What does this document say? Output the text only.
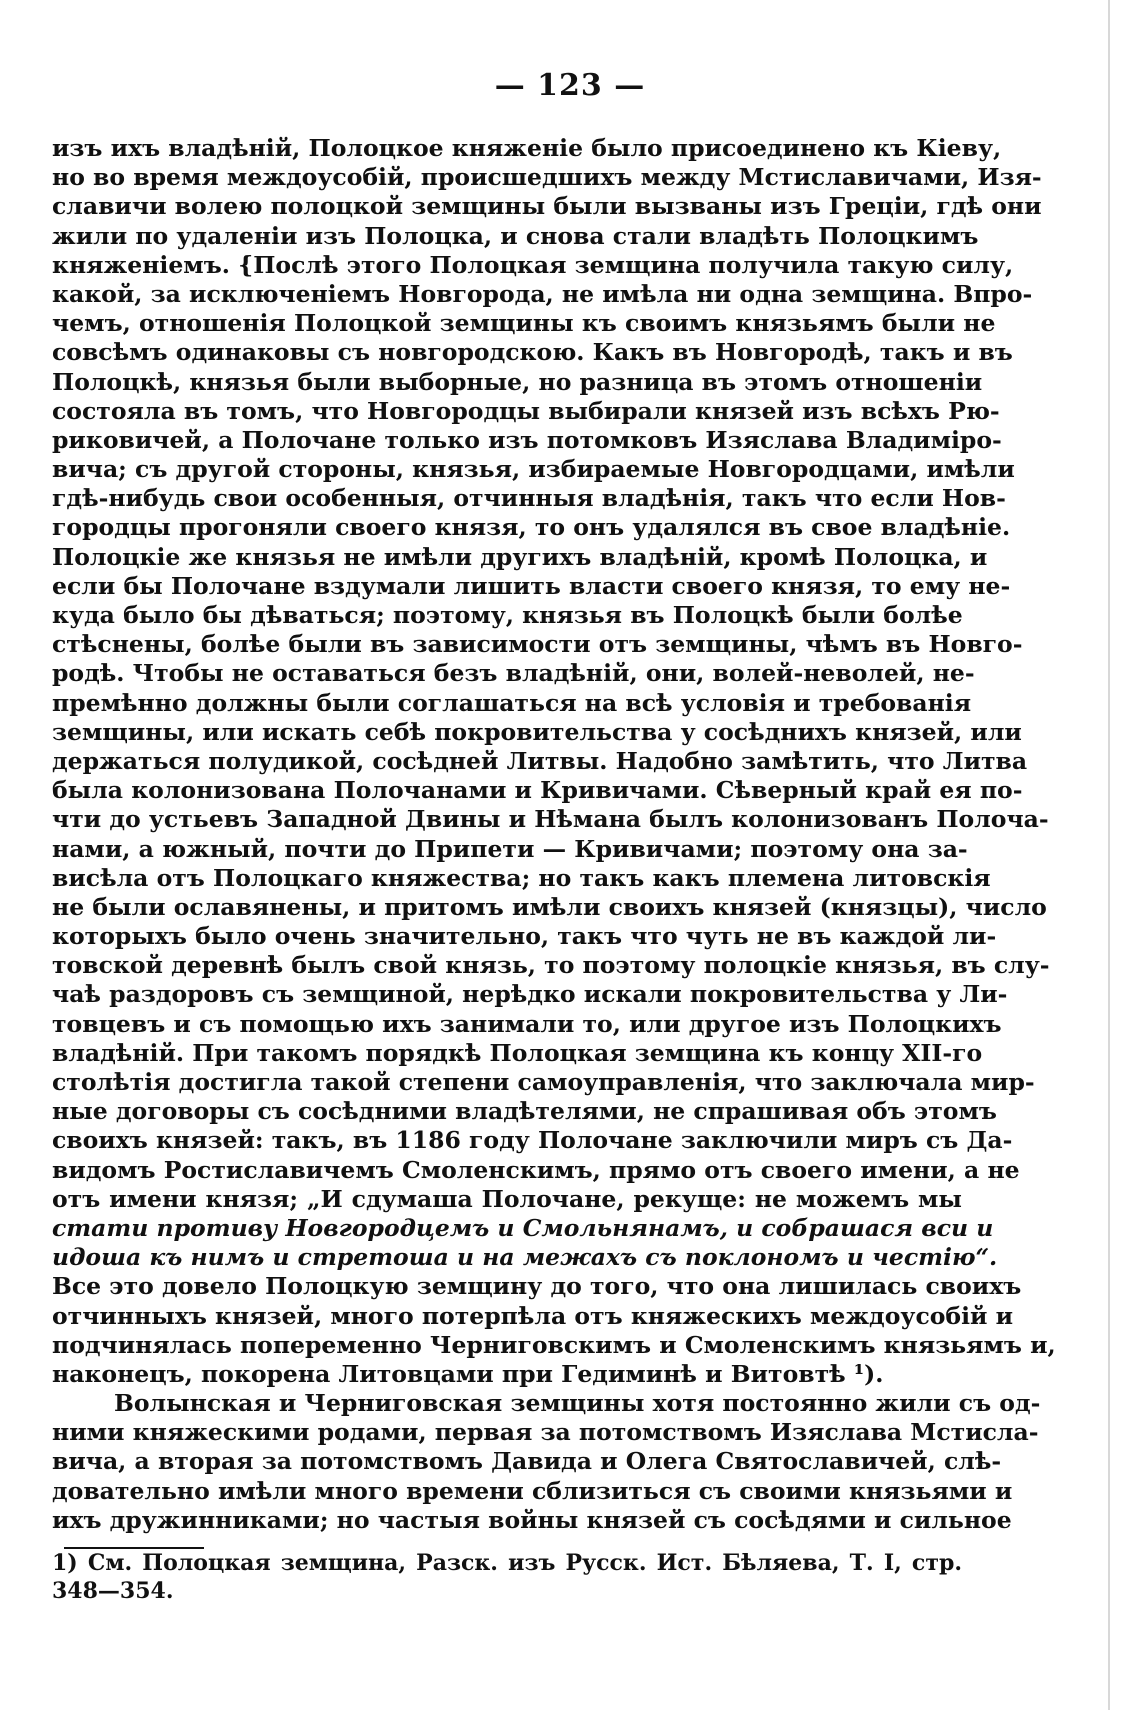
— 123 —
изъ ихъ владѣній, Полоцкое княженіе было присоединено къ Кіеву,
но во время междоусобій, происшедшихъ между Мстиславичами, Изя-
славичи волею полоцкой земщины были вызваны изъ Греціи, гдѣ они
жили по удаленіи изъ Полоцка, и снова стали владѣть Полоцкимъ
княженіемъ. {Послѣ этого Полоцкая земщина получила такую силу,
какой, за исключеніемъ Новгорода, не имѣла ни одна земщина. Впро-
чемъ, отношенія Полоцкой земщины къ своимъ князьямъ были не
совсѣмъ одинаковы съ новгородскою. Какъ въ Новгородѣ, такъ и въ
Полоцкѣ, князья были выборные, но разница въ этомъ отношеніи
состояла въ томъ, что Новгородцы выбирали князей изъ всѣхъ Рю-
риковичей, а Полочане только изъ потомковъ Изяслава Владиміро-
вича; съ другой стороны, князья, избираемые Новгородцами, имѣли
гдѣ-нибудь свои особенныя, отчинныя владѣнія, такъ что если Нов-
городцы прогоняли своего князя, то онъ удалялся въ свое владѣніе.
Полоцкіе же князья не имѣли другихъ владѣній, кромѣ Полоцка, и
если бы Полочане вздумали лишить власти своего князя, то ему не-
куда было бы дѣваться; поэтому, князья въ Полоцкѣ были болѣе
стѣснены, болѣе были въ зависимости отъ земщины, чѣмъ въ Новго-
родѣ. Чтобы не оставаться безъ владѣній, они, волей-неволей, не-
премѣнно должны были соглашаться на всѣ условія и требованія
земщины, или искать себѣ покровительства у сосѣднихъ князей, или
держаться полудикой, сосѣдней Литвы. Надобно замѣтить, что Литва
была колонизована Полочанами и Кривичами. Сѣверный край ея по-
чти до устьевъ Западной Двины и Нѣмана былъ колонизованъ Полоча-
нами, а южный, почти до Припети — Кривичами; поэтому она за-
висѣла отъ Полоцкаго княжества; но такъ какъ племена литовскія
не были ославянены, и притомъ имѣли своихъ князей (князцы), число
которыхъ было очень значительно, такъ что чуть не въ каждой ли-
товской деревнѣ былъ свой князь, то поэтому полоцкіе князья, въ слу-
чаѣ раздоровъ съ земщиной, нерѣдко искали покровительства у Ли-
товцевъ и съ помощью ихъ занимали то, или другое изъ Полоцкихъ
владѣній. При такомъ порядкѣ Полоцкая земщина къ концу XII-го
столѣтія достигла такой степени самоуправленія, что заключала мир-
ные договоры съ сосѣдними владѣтелями, не спрашивая объ этомъ
своихъ князей: такъ, въ 1186 году Полочане заключили миръ съ Да-
видомъ Ростиславичемъ Смоленскимъ, прямо отъ своего имени, а не
отъ имени князя; „И сдумаша Полочане, рекуще: не можемъ мы
стати противу Новгородцемъ и Смольнянамъ, и собрашася вси и
идоша къ нимъ и стретоша и на межахъ съ поклономъ и честію“.
Все это довело Полоцкую земщину до того, что она лишилась своихъ
отчинныхъ князей, много потерпѣла отъ княжескихъ междоусобій и
подчинялась попеременно Черниговскимъ и Смоленскимъ князьямъ и,
наконецъ, покорена Литовцами при Гедиминѣ и Витовтѣ ¹).
Волынская и Черниговская земщины хотя постоянно жили съ од-
ними княжескими родами, первая за потомствомъ Изяслава Мстисла-
вича, а вторая за потомствомъ Давида и Олега Святославичей, слѣ-
довательно имѣли много времени сблизиться съ своими князьями и
ихъ дружинниками; но частыя войны князей съ сосѣдями и сильное
1) См. Полоцкая земщина, Разск. изъ Русск. Ист. Бѣляева, Т. I, стр.
348—354.
